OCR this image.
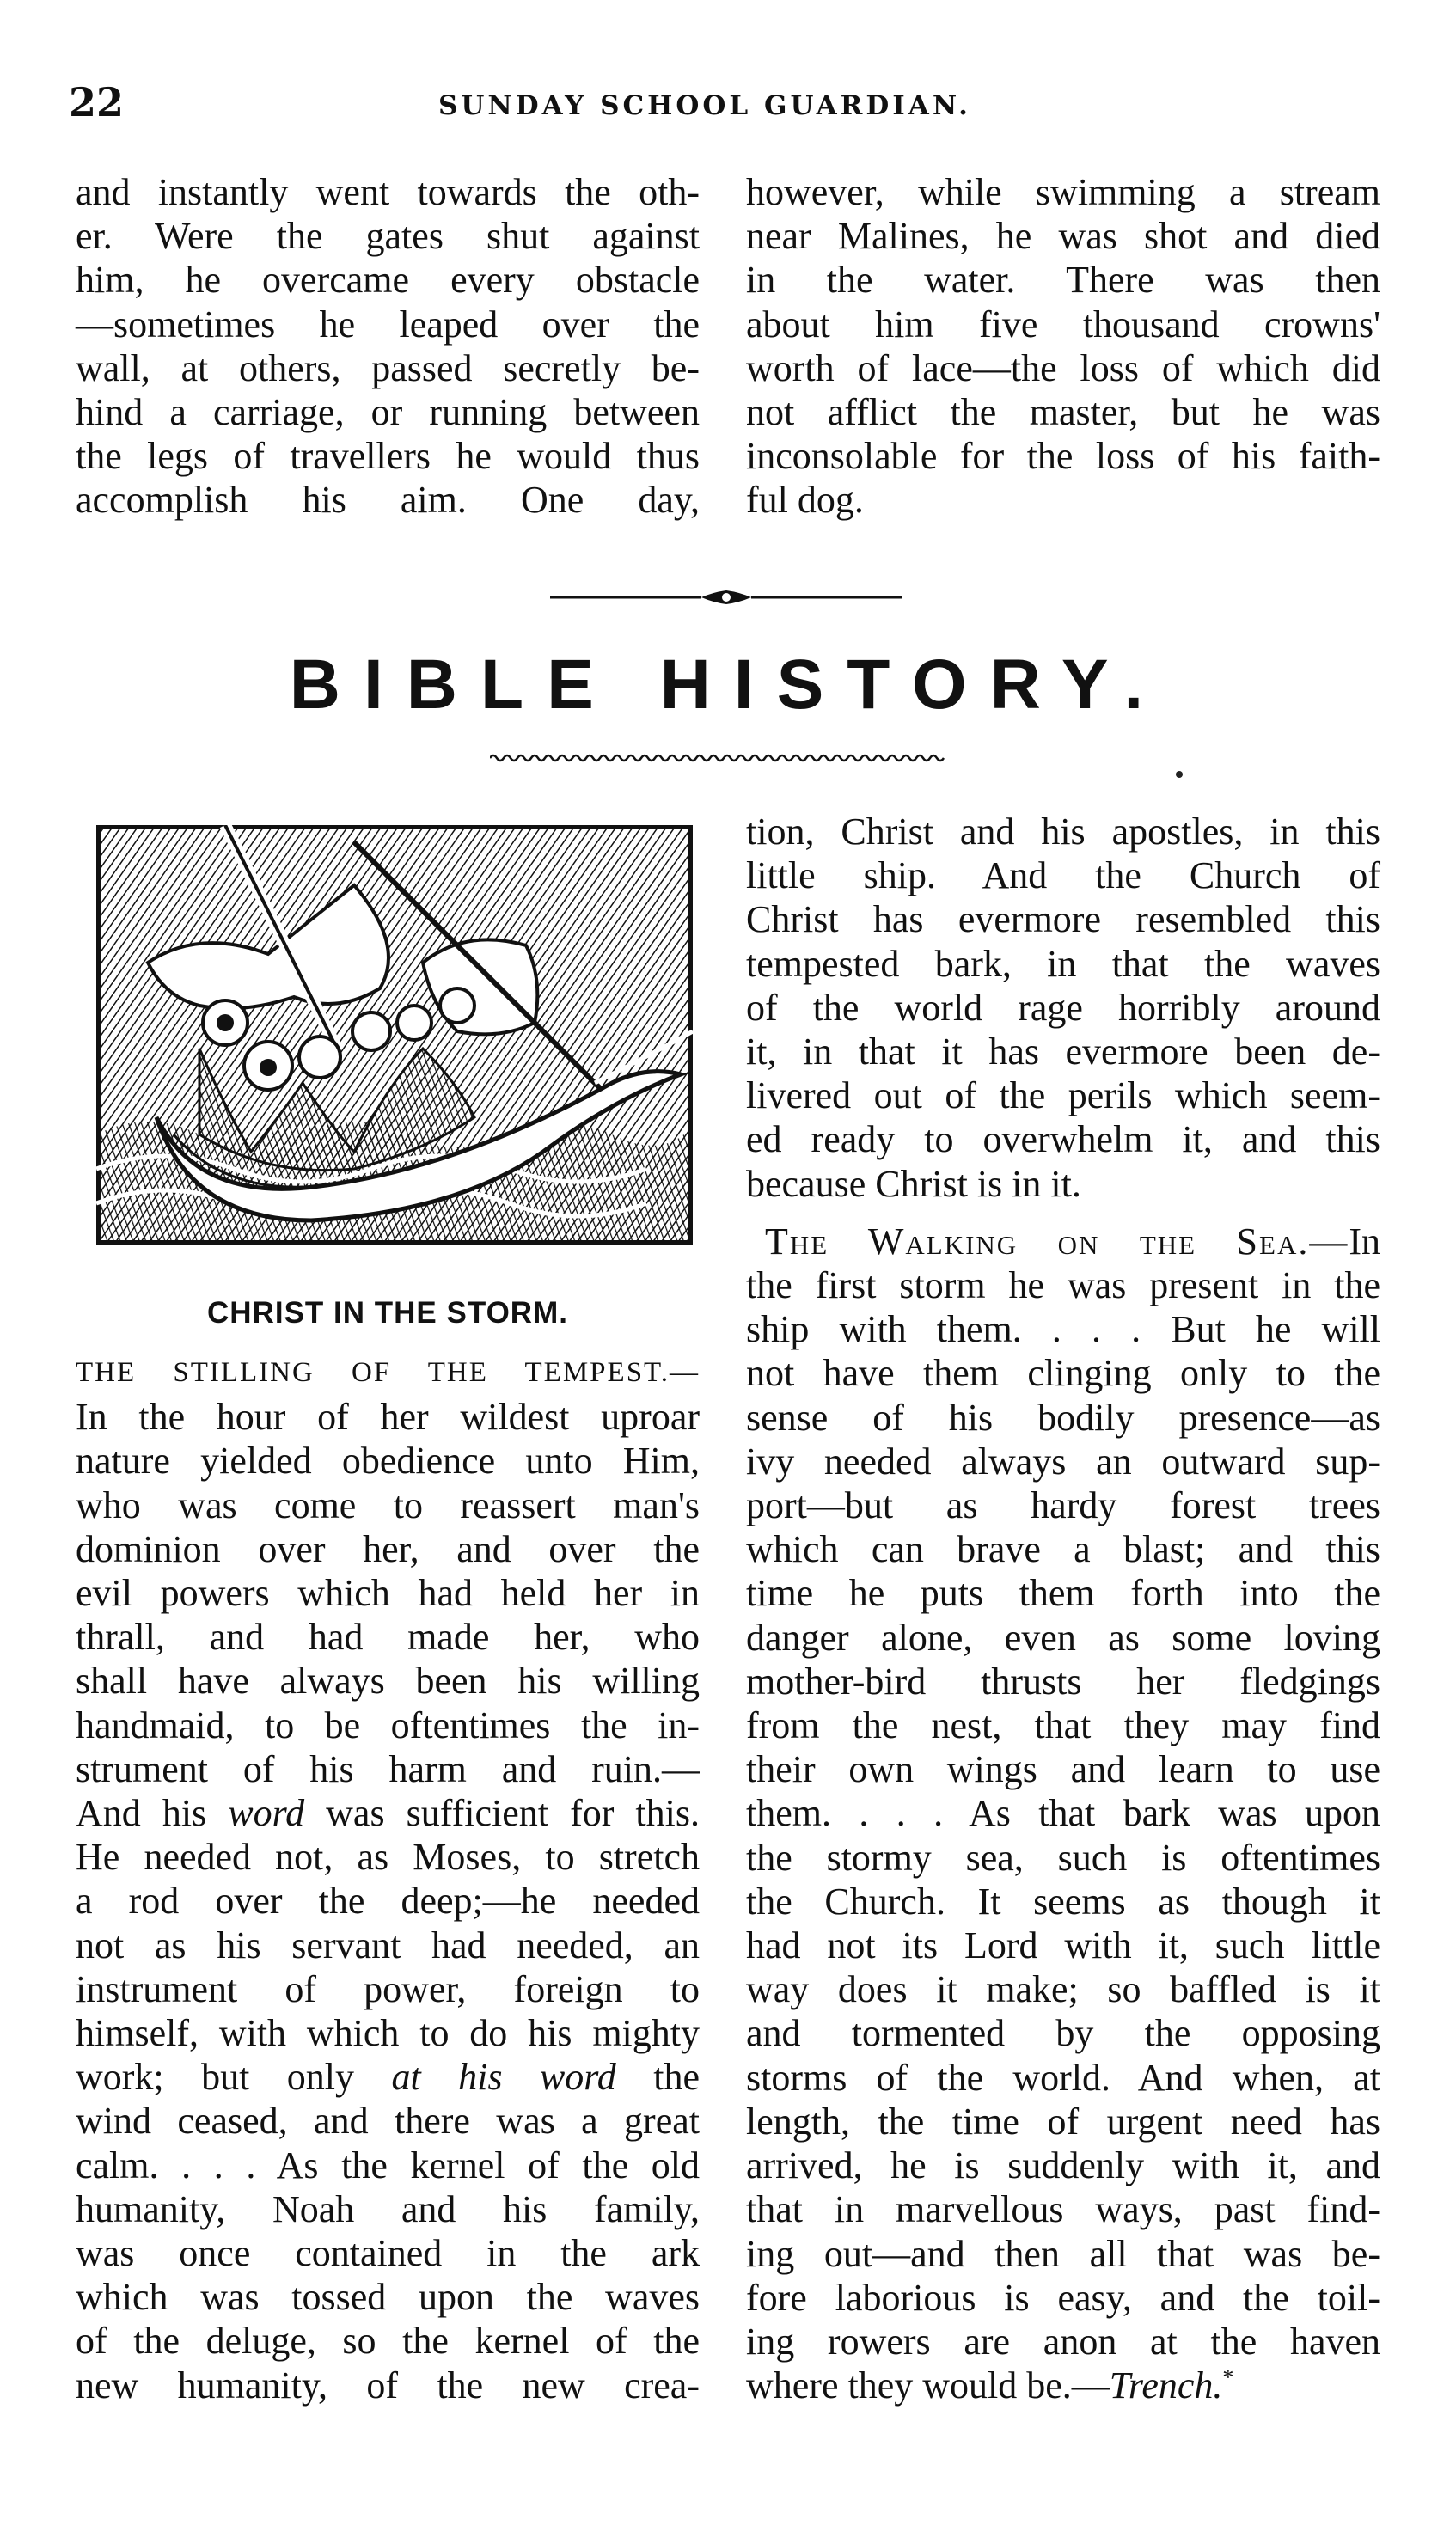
22	SUNDAY SCHOOL GUARDIAN.

and instantly went towards the oth-
er. Were the gates shut against
him, he overcame every obstacle
—sometimes he leaped over the
wall, at others, passed secretly be-
hind a carriage, or running between
the legs of travellers he would thus
accomplish his aim. One day,

however, while swimming a stream
near Malines, he was shot and died
in the water. There was then
about him five thousand crowns'
worth of lace—the loss of which did
not afflict the master, but he was
inconsolable for the loss of his faith-
ful dog.

BIBLE HISTORY.
CHRIST IN THE STORM.

THE STILLING OF THE TEMPEST.—
In the hour of her wildest uproar
nature yielded obedience unto Him,
who was come to reassert man's
dominion over her, and over the
evil powers which had held her in
thrall, and had made her, who
shall have always been his willing
handmaid, to be oftentimes the in-
strument of his harm and ruin.—
And his word was sufficient for this.
He needed not, as Moses, to stretch
a rod over the deep;—he needed
not as his servant had needed, an
instrument of power, foreign to
himself, with which to do his mighty
work; but only at his word the
wind ceased, and there was a great
calm. . . . As the kernel of the old
humanity, Noah and his family,
was once contained in the ark
which was tossed upon the waves
of the deluge, so the kernel of the
new humanity, of the new crea-

tion, Christ and his apostles, in this
little ship. And the Church of
Christ has evermore resembled this
tempested bark, in that the waves
of the world rage horribly around
it, in that it has evermore been de-
livered out of the perils which seem-
ed ready to overwhelm it, and this
because Christ is in it.

The Walking on the Sea.—In
the first storm he was present in the
ship with them. . . . But he will
not have them clinging only to the
sense of his bodily presence—as
ivy needed always an outward sup-
port—but as hardy forest trees
which can brave a blast; and this
time he puts them forth into the
danger alone, even as some loving
mother-bird thrusts her fledgings
from the nest, that they may find
their own wings and learn to use
them. . . . As that bark was upon
the stormy sea, such is oftentimes
the Church. It seems as though it
had not its Lord with it, such little
way does it make; so baffled is it
and tormented by the opposing
storms of the world. And when, at
length, the time of urgent need has
arrived, he is suddenly with it, and
that in marvellous ways, past find-
ing out—and then all that was be-
fore laborious is easy, and the toil-
ing rowers are anon at the haven
where they would be.—Trench.*
